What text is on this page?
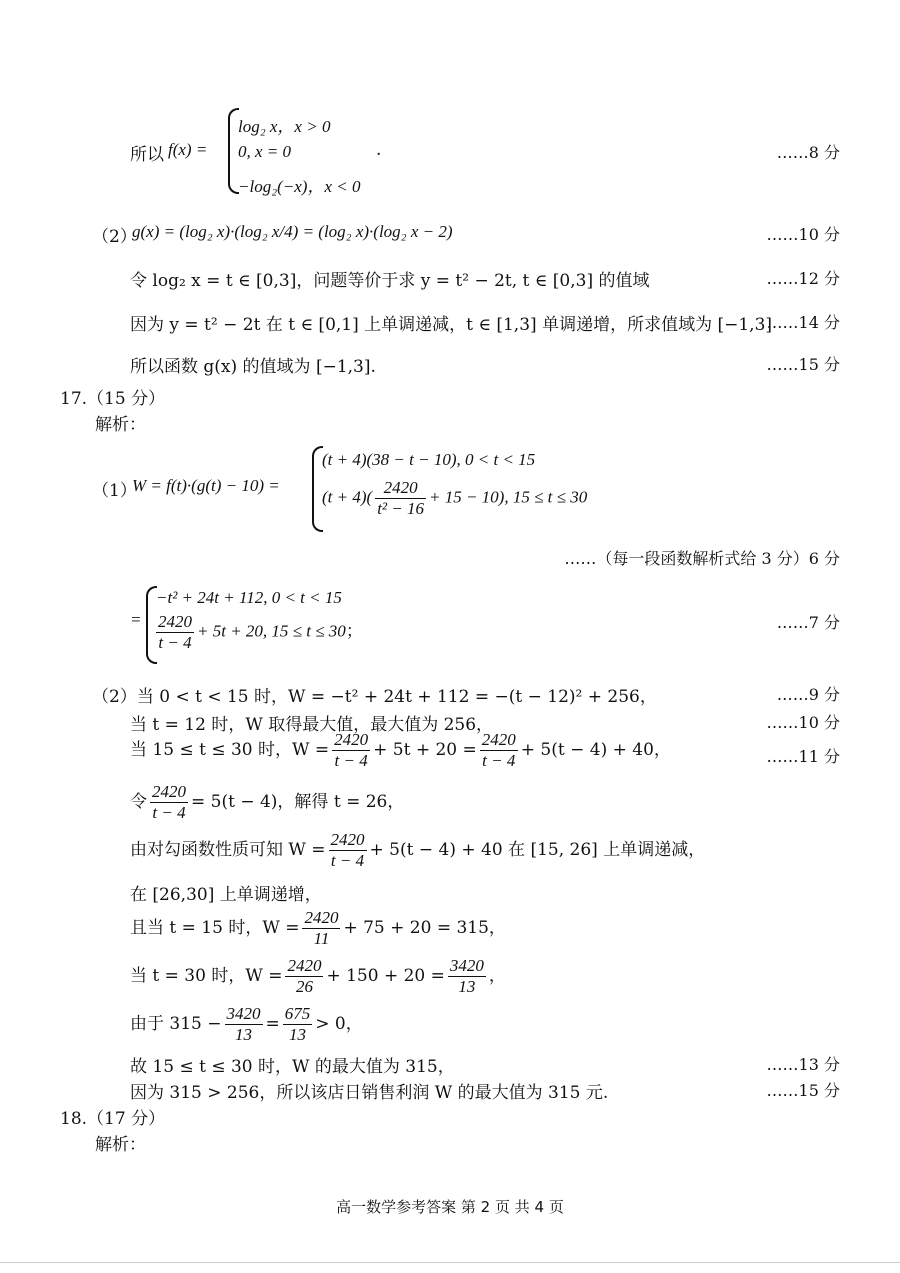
所以 f(x) =
log₂ x，x > 0
0, x = 0
−log₂(−x)，x < 0
.	……8 分
（2）
g(x) = (log₂ x)·(log₂ x/4) = (log₂ x)·(log₂ x − 2)	……10 分
令 log₂ x = t ∈ [0,3]，问题等价于求 y = t² − 2t, t ∈ [0,3] 的值域	……12 分
因为 y = t² − 2t 在 t ∈ [0,1] 上单调递减，t ∈ [1,3] 单调递增，所求值域为 [−1,3]
……14 分
所以函数 g(x) 的值域为 [−1,3].	……15 分
17.（15 分）
解析：
（1）
W = f(t)·(g(t) − 10) =
(t + 4)(38 − t − 10), 0 < t < 15
$(t + 4)( \frac{2420}{\text{t² − 16}} + 15 - 10)$, 15 ≤ t ≤ 30
……（每一段函数解析式给 3 分）6 分
=
−t² + 24t + 112, 0 < t < 15
$\frac{2420}{t - 4} + 5t + 20$, 15 ≤ t ≤ 30；	……7 分
（2）当 0 < t < 15 时，W = −t² + 24t + 112 = −(t − 12)² + 256，	……9 分
当 t = 12 时，W 取得最大值，最大值为 256，	……10 分
当 15 ≤ t ≤ 30 时，$W = \frac{2420}{t - 4} + 5t + 20 = \frac{2420}{t - 4} + 5(t - 4) + 40$，	……11 分
令 $\frac{2420}{t - 4} = 5(t - 4)$，解得 t = 26，
由对勾函数性质可知 $W = \frac{2420}{t - 4} + 5(t - 4) + 40$ 在 [15, 26] 上单调递减，
在 [26,30] 上单调递增，
且当 t = 15 时，$W = \frac{2420}{11} + 75 + 20 = 315$，
当 t = 30 时，$W = \frac{2420}{26} + 150 + 20 = \frac{3420}{13}$ ，
由于 $315 - \frac{3420}{13} = \frac{675}{13} > 0$，
故 15 ≤ t ≤ 30 时，W 的最大值为 315，	……13 分
因为 315 > 256，所以该店日销售利润 W 的最大值为 315 元.	……15 分
18.（17 分）
解析：
高一数学参考答案 第 2 页 共 4 页
